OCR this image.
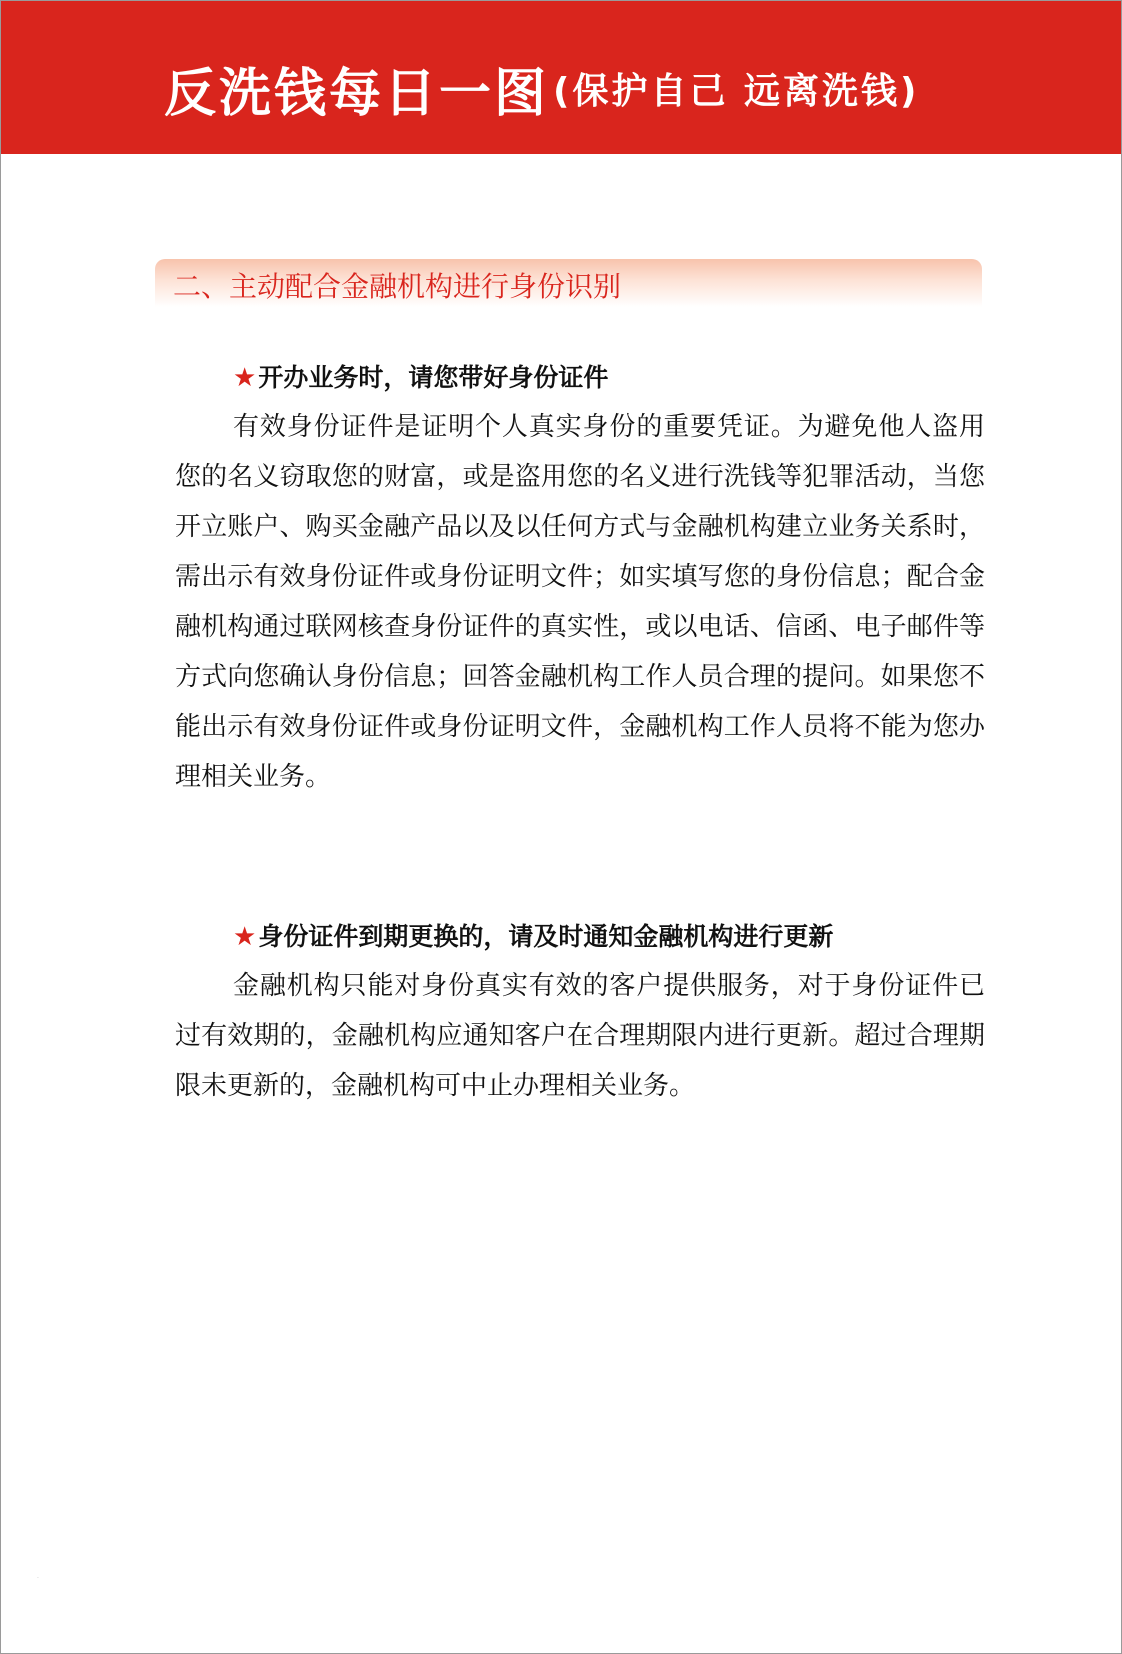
反洗钱每日一图 (保护自己 远离洗钱)
二、主动配合金融机构进行身份识别
★开办业务时，请您带好身份证件

有效身份证件是证明个人真实身份的重要凭证。为避免他人盗用您的名义窃取您的财富，或是盗用您的名义进行洗钱等犯罪活动，当您开立账户、购买金融产品以及以任何方式与金融机构建立业务关系时，需出示有效身份证件或身份证明文件；如实填写您的身份信息；配合金融机构通过联网核查身份证件的真实性，或以电话、信函、电子邮件等方式向您确认身份信息；回答金融机构工作人员合理的提问。如果您不能出示有效身份证件或身份证明文件，金融机构工作人员将不能为您办理相关业务。

★身份证件到期更换的，请及时通知金融机构进行更新

金融机构只能对身份真实有效的客户提供服务，对于身份证件已过有效期的，金融机构应通知客户在合理期限内进行更新。超过合理期限未更新的，金融机构可中止办理相关业务。

·
